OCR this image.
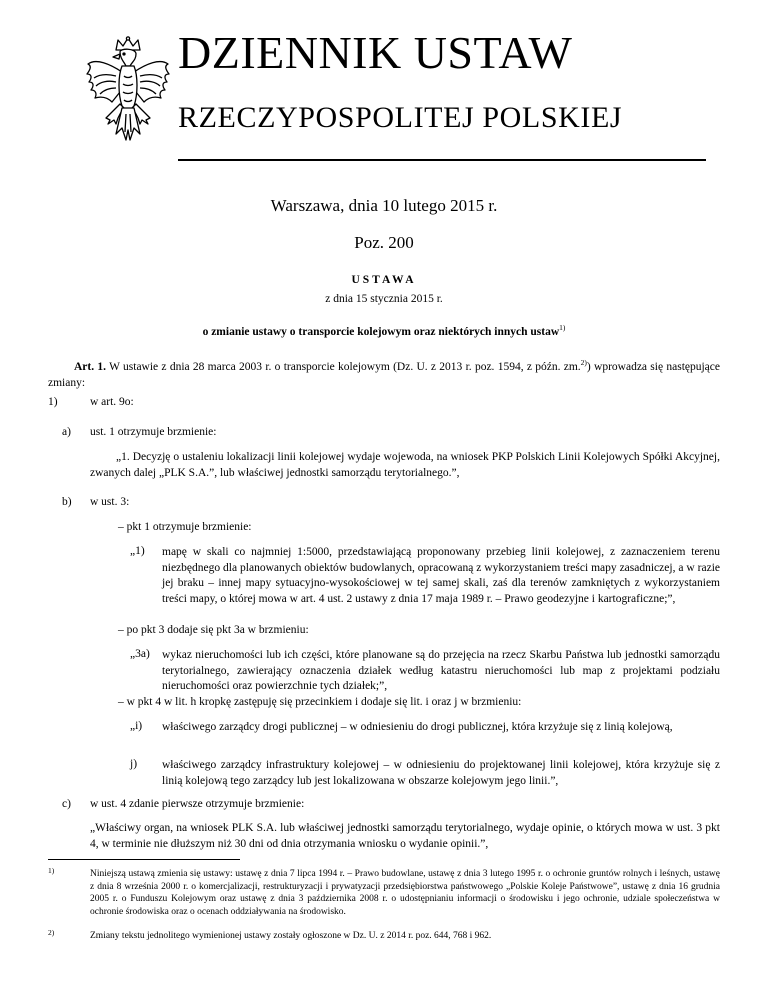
DZIENNIK USTAW
RZECZYPOSPOLITEJ POLSKIEJ
Warszawa, dnia 10 lutego 2015 r.
Poz. 200
USTAWA
z dnia 15 stycznia 2015 r.
o zmianie ustawy o transporcie kolejowym oraz niektórych innych ustaw$^{1)}$
Art. 1. W ustawie z dnia 28 marca 2003 r. o transporcie kolejowym (Dz. U. z 2013 r. poz. 1594, z późn. zm.$^{2)}$) wprowadza się następujące zmiany:
1)	w art. 9o:
a) ust. 1 otrzymuje brzmienie:
„1. Decyzję o ustaleniu lokalizacji linii kolejowej wydaje wojewoda, na wniosek PKP Polskich Linii Kolejowych Spółki Akcyjnej, zwanych dalej „PLK S.A.”, lub właściwej jednostki samorządu terytorialnego.”,
b) w ust. 3:
– pkt 1 otrzymuje brzmienie:
„1) mapę w skali co najmniej 1:5000, przedstawiającą proponowany przebieg linii kolejowej, z zaznaczeniem terenu niezbędnego dla planowanych obiektów budowlanych, opracowaną z wykorzystaniem treści mapy zasadniczej, a w razie jej braku – innej mapy sytuacyjno-wysokościowej w tej samej skali, zaś dla terenów zamkniętych z wykorzystaniem treści mapy, o której mowa w art. 4 ust. 2 ustawy z dnia 17 maja 1989 r. – Prawo geodezyjne i kartograficzne;”,
– po pkt 3 dodaje się pkt 3a w brzmieniu:
„3a) wykaz nieruchomości lub ich części, które planowane są do przejęcia na rzecz Skarbu Państwa lub jednostki samorządu terytorialnego, zawierający oznaczenia działek według katastru nieruchomości lub map z projektami podziału nieruchomości oraz powierzchnie tych działek;”,
– w pkt 4 w lit. h kropkę zastępuję się przecinkiem i dodaje się lit. i oraz j w brzmieniu:
„i) właściwego zarządcy drogi publicznej – w odniesieniu do drogi publicznej, która krzyżuje się z linią kolejową,
j) właściwego zarządcy infrastruktury kolejowej – w odniesieniu do projektowanej linii kolejowej, która krzyżuje się z linią kolejową tego zarządcy lub jest lokalizowana w obszarze kolejowym jego linii.”,
c) w ust. 4 zdanie pierwsze otrzymuje brzmienie:
„Właściwy organ, na wniosek PLK S.A. lub właściwej jednostki samorządu terytorialnego, wydaje opinie, o których mowa w ust. 3 pkt 4, w terminie nie dłuższym niż 30 dni od dnia otrzymania wniosku o wydanie opinii.”,
1)	Niniejszą ustawą zmienia się ustawy: ustawę z dnia 7 lipca 1994 r. – Prawo budowlane, ustawę z dnia 3 lutego 1995 r. o ochronie gruntów rolnych i leśnych, ustawę z dnia 8 września 2000 r. o komercjalizacji, restrukturyzacji i prywatyzacji przedsiębiorstwa państwowego „Polskie Koleje Państwowe”, ustawę z dnia 16 grudnia 2005 r. o Funduszu Kolejowym oraz ustawę z dnia 3 października 2008 r. o udostępnianiu informacji o środowisku i jego ochronie, udziale społeczeństwa w ochronie środowiska oraz o ocenach oddziaływania na środowisko.
2)	Zmiany tekstu jednolitego wymienionej ustawy zostały ogłoszone w Dz. U. z 2014 r. poz. 644, 768 i 962.
